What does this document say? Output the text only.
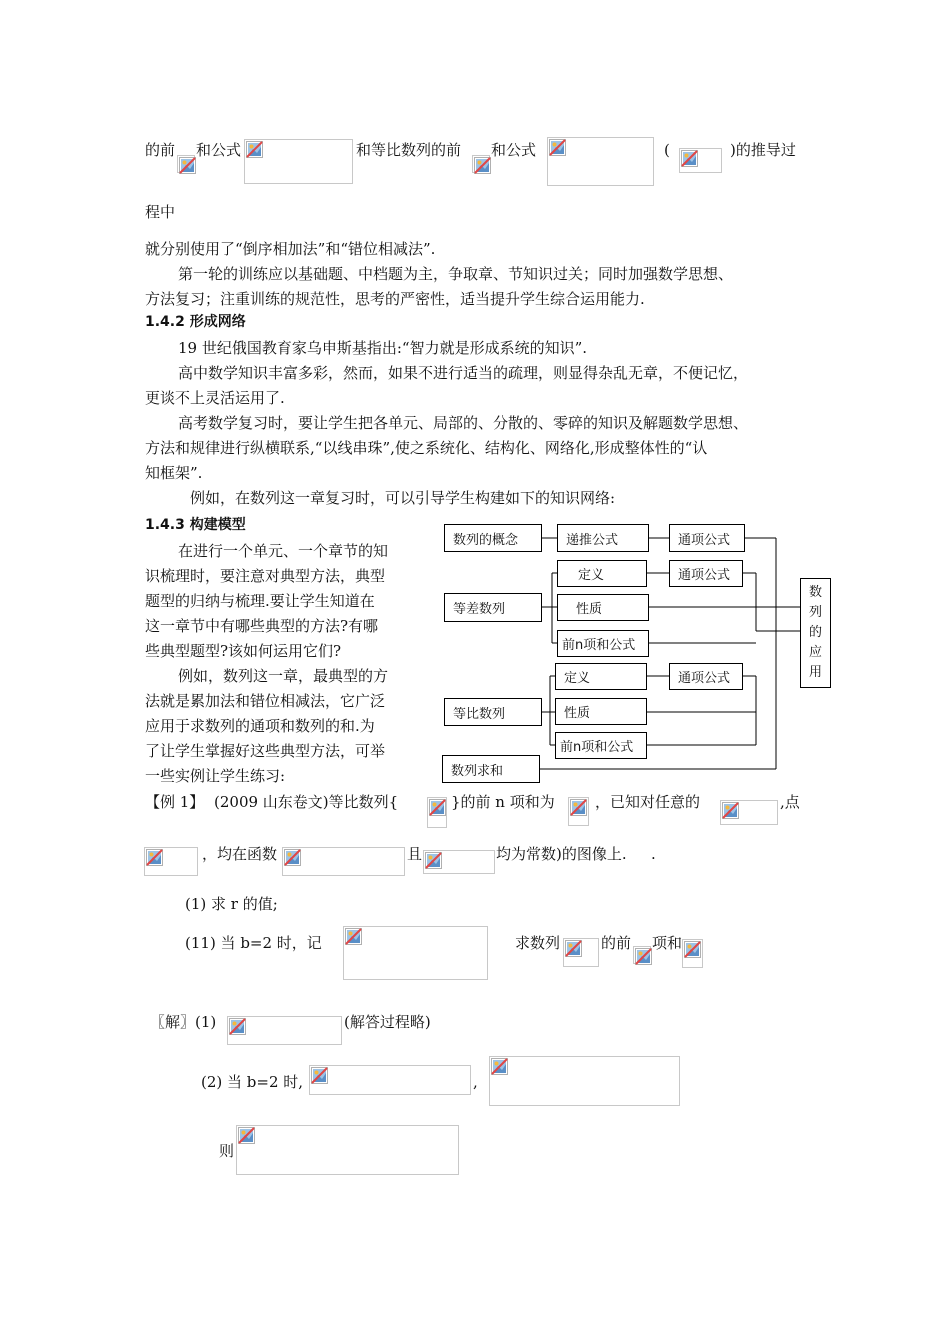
的前 和公式	和等比数列的前 和公式	(	)的推导过
程中
就分别使用了“倒序相加法”和“错位相减法”.
第一轮的训练应以基础题、中档题为主，争取章、节知识过关；同时加强数学思想、
方法复习；注重训练的规范性，思考的严密性，适当提升学生综合运用能力.
1.4.2 形成网络
19 世纪俄国教育家乌申斯基指出:“智力就是形成系统的知识”.
高中数学知识丰富多彩，然而，如果不进行适当的疏理，则显得杂乱无章，不便记忆，
更谈不上灵活运用了.
高考数学复习时，要让学生把各单元、局部的、分散的、零碎的知识及解题数学思想、
方法和规律进行纵横联系,“以线串珠”,使之系统化、结构化、网络化,形成整体性的“认
知框架”.
例如，在数列这一章复习时，可以引导学生构建如下的知识网络:
1.4.3 构建模型
在进行一个单元、一个章节的知
识梳理时，要注意对典型方法，典型
题型的归纳与梳理.要让学生知道在
这一章节中有哪些典型的方法?有哪
些典型题型?该如何运用它们?
例如，数列这一章，最典型的方
法就是累加法和错位相减法，它广泛
应用于求数列的通项和数列的和.为
了让学生掌握好这些典型方法，可举
一些实例让学生练习:
数列的概念	递推公式	通项公式
等差数列
定义	通项公式
性质
前n项和公式
等比数列
定义	通项公式
性质
前n项和公式
数列求和
数
列
的
应
用
【例 1】 (2009 山东卷文)等比数列{	}的前 n 项和为	，已知对任意的	,点
，均在函数	且	均为常数)的图像上. .
(1) 求 r 的值;
(11) 当 b=2 时，记	求数列	的前 项和
〖解〗(1)	(解答过程略)
(2) 当 b=2 时,	,
则
